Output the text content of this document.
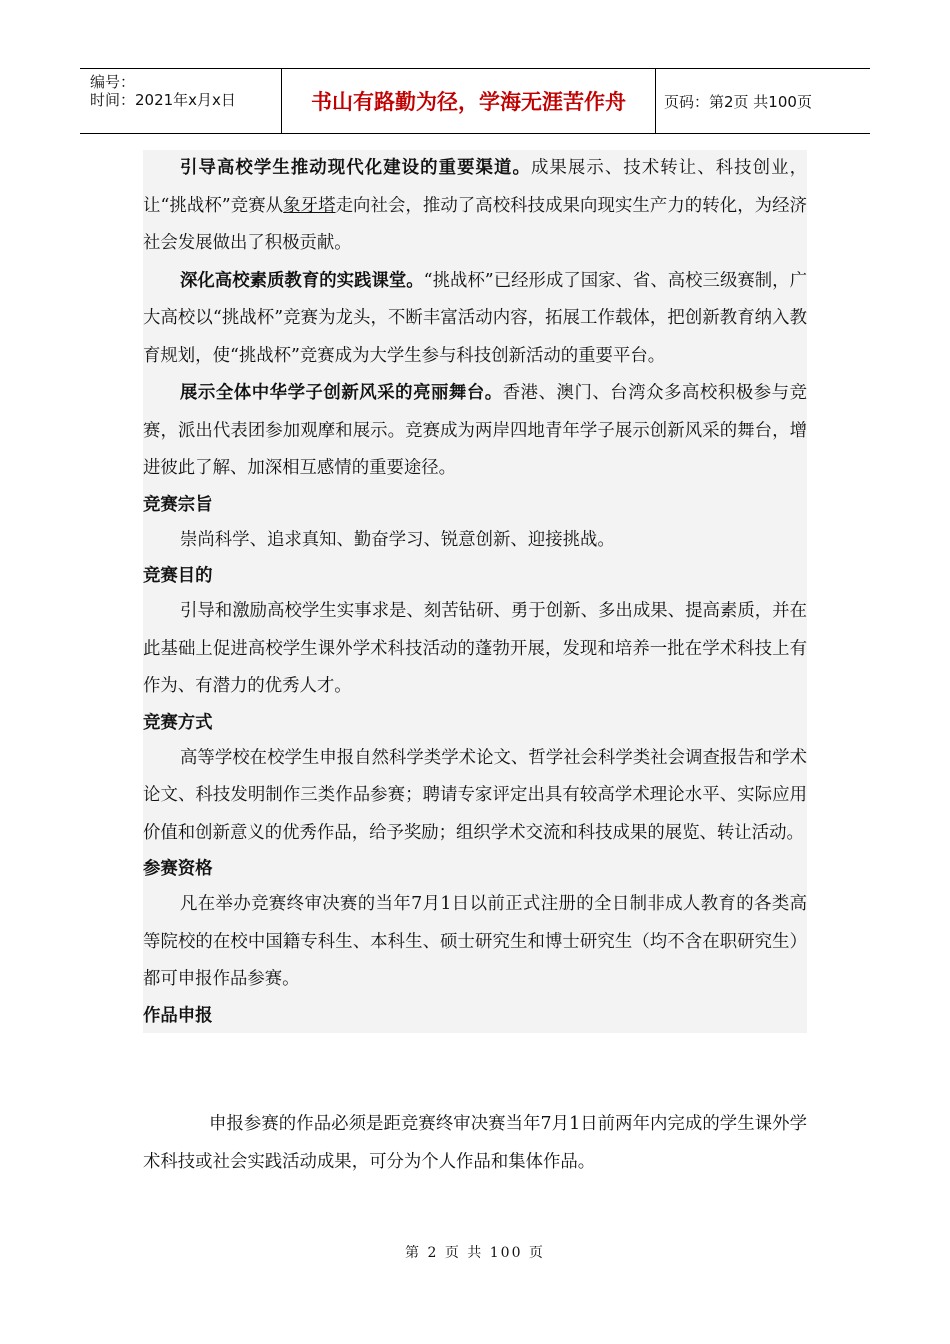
编号：
时间：2021年x月x日	书山有路勤为径，学海无涯苦作舟	页码：第2页 共100页

引导高校学生推动现代化建设的重要渠道。成果展示、技术转让、科技创业，让“挑战杯”竞赛从象牙塔走向社会，推动了高校科技成果向现实生产力的转化，为经济社会发展做出了积极贡献。

深化高校素质教育的实践课堂。“挑战杯”已经形成了国家、省、高校三级赛制，广大高校以“挑战杯”竞赛为龙头，不断丰富活动内容，拓展工作载体，把创新教育纳入教育规划，使“挑战杯”竞赛成为大学生参与科技创新活动的重要平台。

展示全体中华学子创新风采的亮丽舞台。香港、澳门、台湾众多高校积极参与竞赛，派出代表团参加观摩和展示。竞赛成为两岸四地青年学子展示创新风采的舞台，增进彼此了解、加深相互感情的重要途径。

竞赛宗旨

崇尚科学、追求真知、勤奋学习、锐意创新、迎接挑战。

竞赛目的

引导和激励高校学生实事求是、刻苦钻研、勇于创新、多出成果、提高素质，并在此基础上促进高校学生课外学术科技活动的蓬勃开展，发现和培养一批在学术科技上有作为、有潜力的优秀人才。

竞赛方式

高等学校在校学生申报自然科学类学术论文、哲学社会科学类社会调查报告和学术论文、科技发明制作三类作品参赛；聘请专家评定出具有较高学术理论水平、实际应用价值和创新意义的优秀作品，给予奖励；组织学术交流和科技成果的展览、转让活动。

参赛资格

凡在举办竞赛终审决赛的当年7月1日以前正式注册的全日制非成人教育的各类高等院校的在校中国籍专科生、本科生、硕士研究生和博士研究生（均不含在职研究生）都可申报作品参赛。

作品申报

申报参赛的作品必须是距竞赛终审决赛当年7月1日前两年内完成的学生课外学术科技或社会实践活动成果，可分为个人作品和集体作品。

第 2 页 共 100 页
